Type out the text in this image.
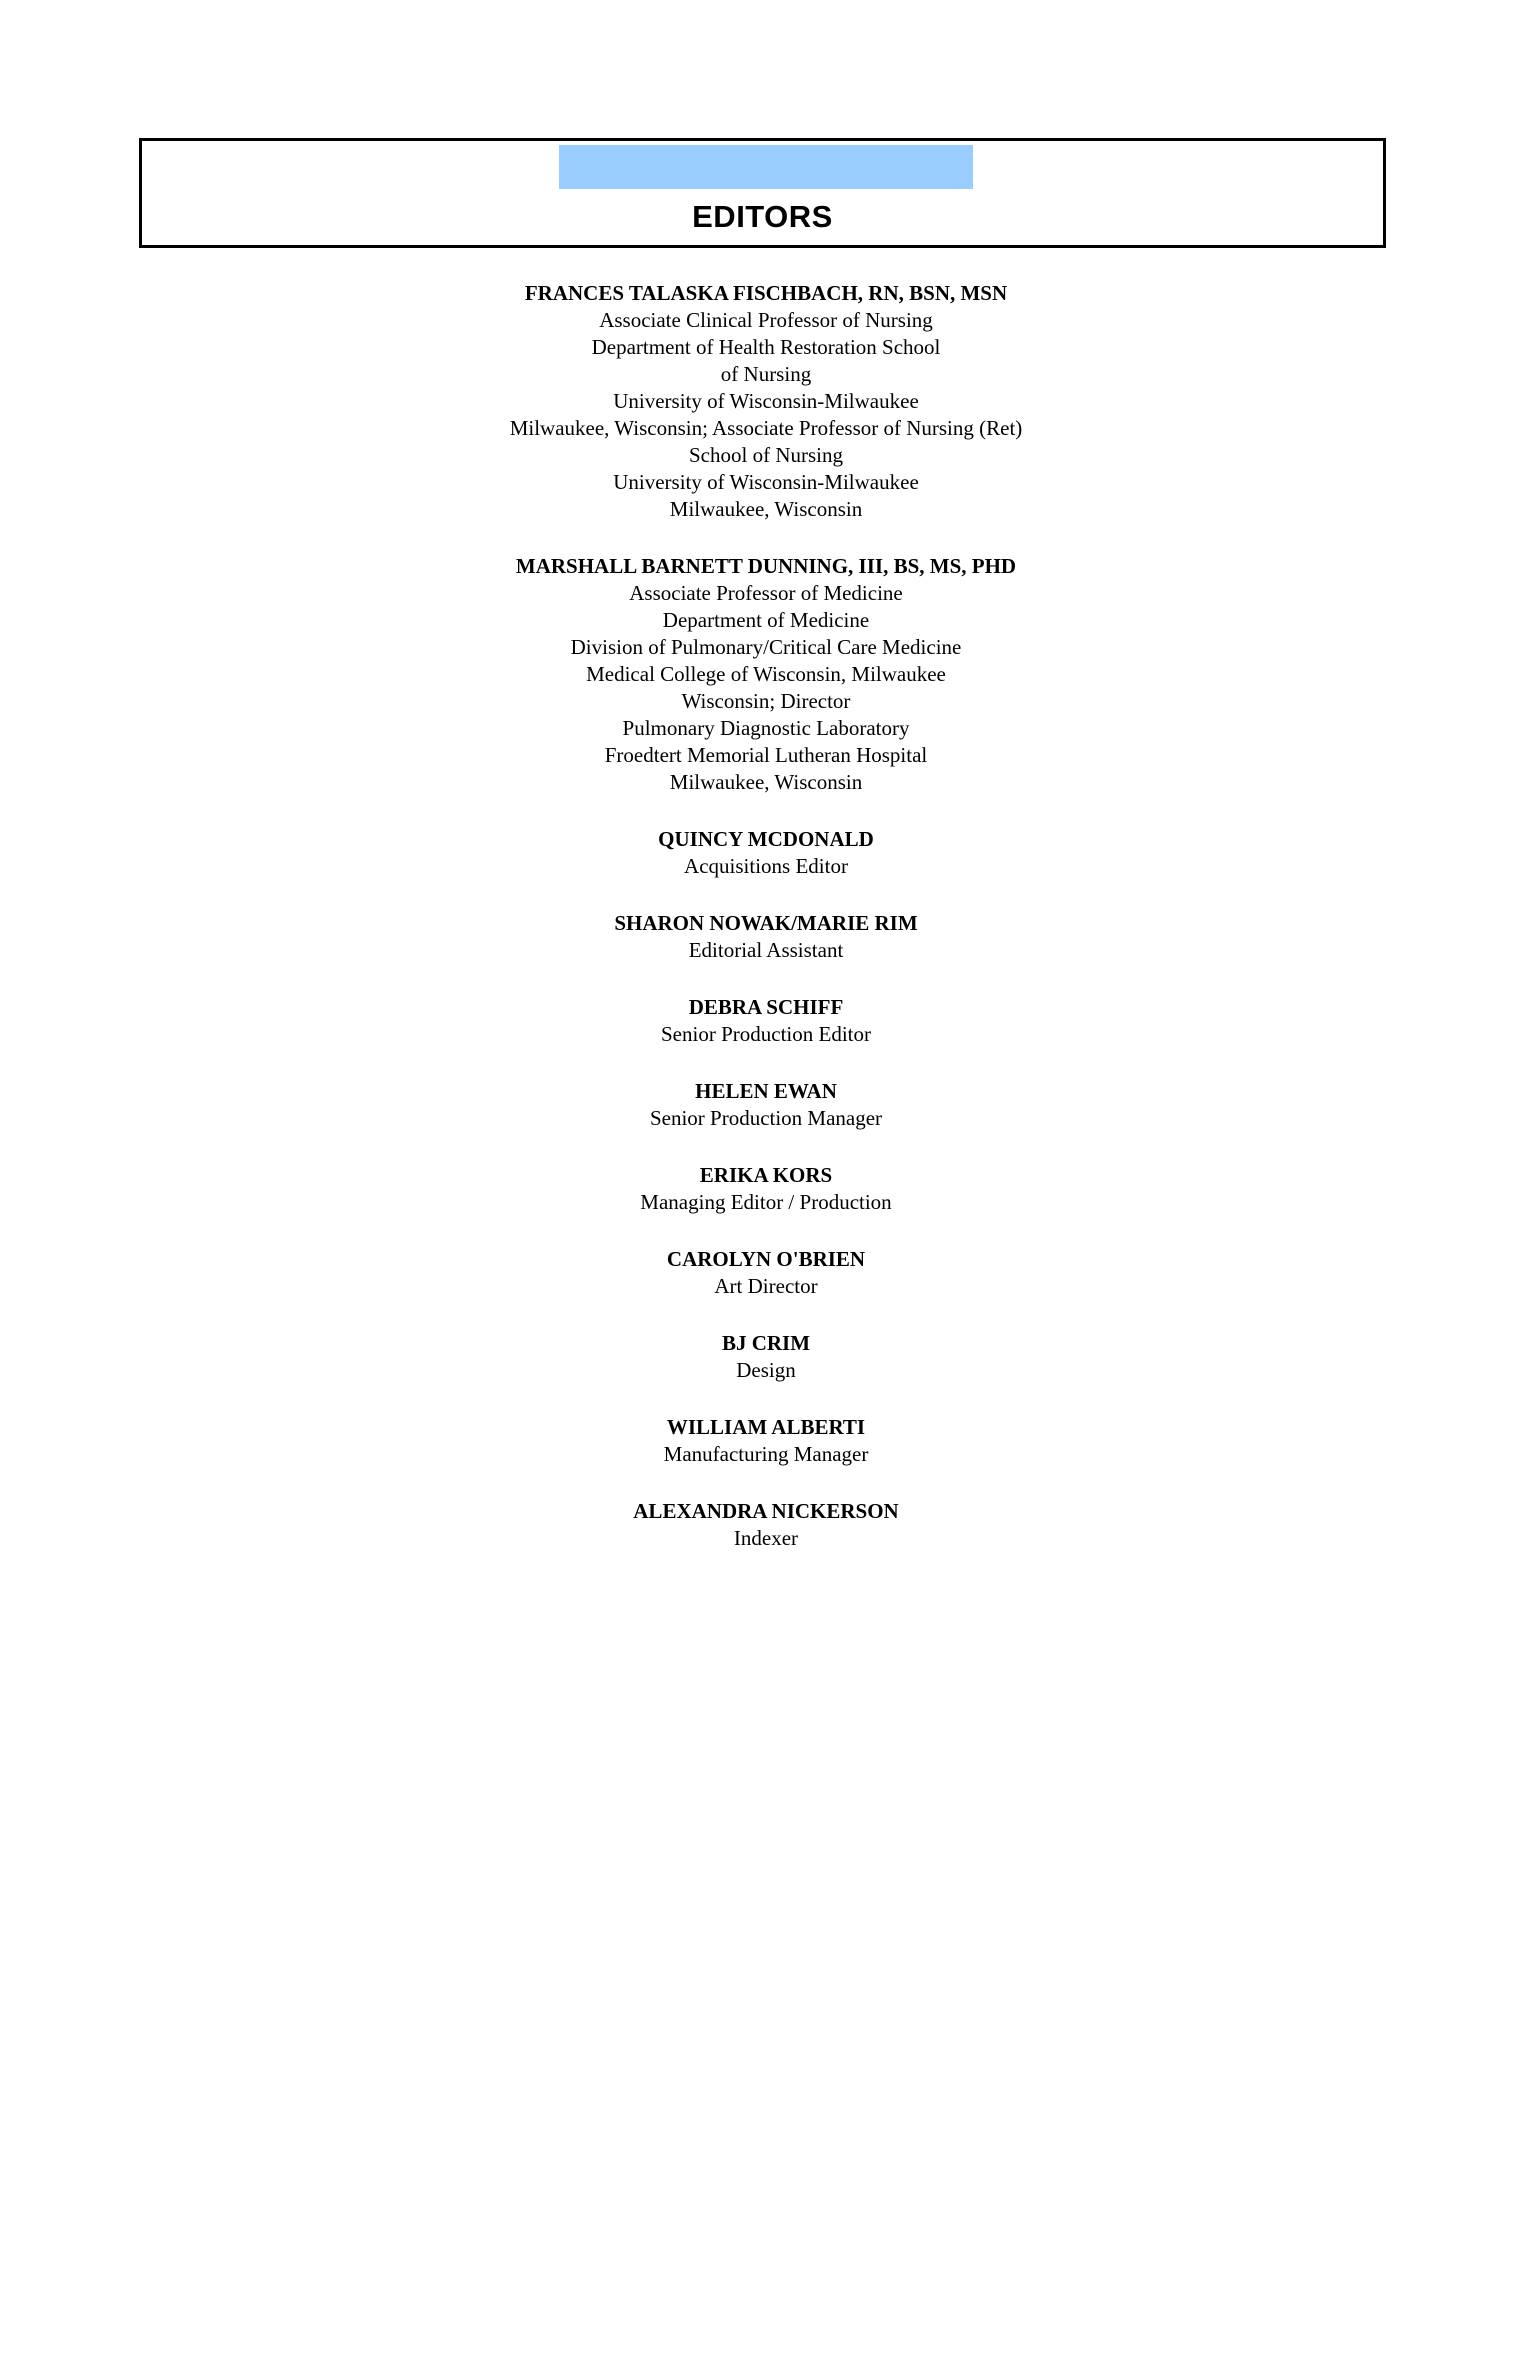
EDITORS
FRANCES TALASKA FISCHBACH, RN, BSN, MSN
Associate Clinical Professor of Nursing
Department of Health Restoration School
of Nursing
University of Wisconsin-Milwaukee
Milwaukee, Wisconsin; Associate Professor of Nursing (Ret)
School of Nursing
University of Wisconsin-Milwaukee
Milwaukee, Wisconsin
MARSHALL BARNETT DUNNING, III, BS, MS, PHD
Associate Professor of Medicine
Department of Medicine
Division of Pulmonary/Critical Care Medicine
Medical College of Wisconsin, Milwaukee
Wisconsin; Director
Pulmonary Diagnostic Laboratory
Froedtert Memorial Lutheran Hospital
Milwaukee, Wisconsin
QUINCY MCDONALD
Acquisitions Editor
SHARON NOWAK/MARIE RIM
Editorial Assistant
DEBRA SCHIFF
Senior Production Editor
HELEN EWAN
Senior Production Manager
ERIKA KORS
Managing Editor / Production
CAROLYN O'BRIEN
Art Director
BJ CRIM
Design
WILLIAM ALBERTI
Manufacturing Manager
ALEXANDRA NICKERSON
Indexer
